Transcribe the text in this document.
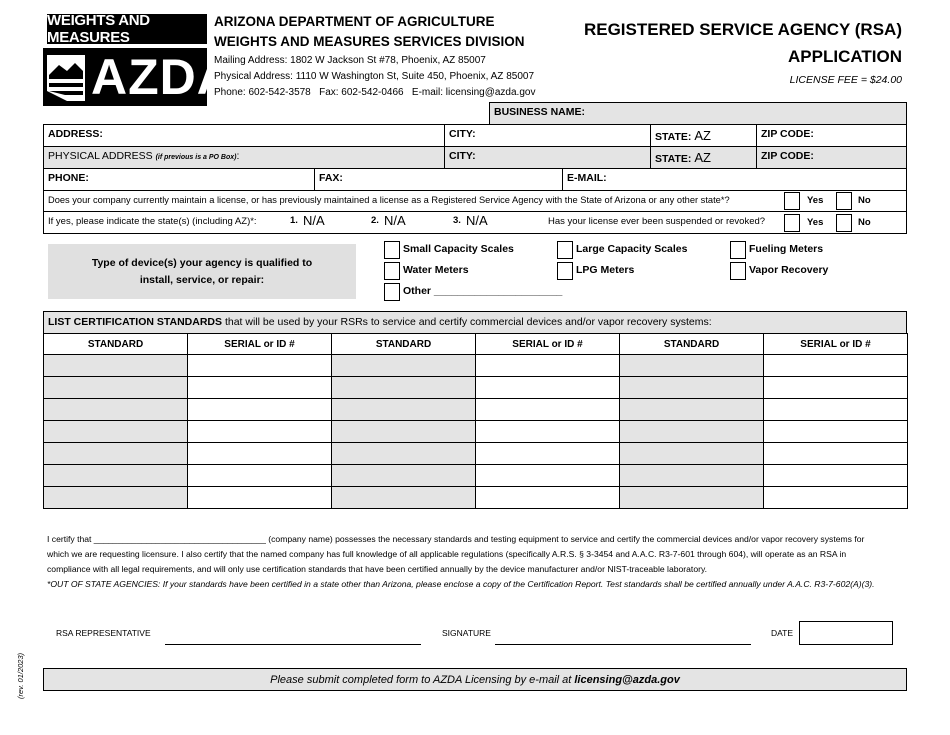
WEIGHTS AND MEASURES
AZDA
ARIZONA DEPARTMENT OF AGRICULTURE
WEIGHTS AND MEASURES SERVICES DIVISION
Mailing Address: 1802 W Jackson St #78, Phoenix, AZ 85007
Physical Address: 1110 W Washington St, Suite 450, Phoenix, AZ 85007
Phone: 602-542-3578   Fax: 602-542-0466   E-mail: licensing@azda.gov
REGISTERED SERVICE AGENCY (RSA)
APPLICATION
LICENSE FEE = $24.00
BUSINESS NAME:
ADDRESS:	CITY:	STATE: AZ	ZIP CODE:
PHYSICAL ADDRESS (if previous is a PO Box):	CITY:	STATE: AZ	ZIP CODE:
PHONE:	FAX:	E-MAIL:
Does your company currently maintain a license, or has previously maintained a license as a Registered Service Agency with the State of Arizona or any other state*?	Yes	No
If yes, please indicate the state(s) (including AZ)*:	1. N/A	2. N/A	3. N/A	Has your license ever been suspended or revoked?	Yes	No
Type of device(s) your agency is qualified to install, service, or repair:
Small Capacity Scales	Large Capacity Scales	Fueling Meters
Water Meters	LPG Meters	Vapor Recovery
Other ______________________
LIST CERTIFICATION STANDARDS that will be used by your RSRs to service and certify commercial devices and/or vapor recovery systems:
STANDARD	SERIAL or ID #	STANDARD	SERIAL or ID #	STANDARD	SERIAL or ID #
I certify that ____________________________________ (company name) possesses the necessary standards and testing equipment to service and certify the commercial devices and/or vapor recovery systems for
which we are requesting licensure. I also certify that the named company has full knowledge of all applicable regulations (specifically A.R.S. § 3-3454 and A.A.C. R3-7-601 through 604), will operate as an RSA in
compliance with all legal requirements, and will only use certification standards that have been certified annually by the device manufacturer and/or NIST-traceable laboratory.
*OUT OF STATE AGENCIES: If your standards have been certified in a state other than Arizona, please enclose a copy of the Certification Report. Test standards shall be certified annually under A.A.C. R3-7-602(A)(3).
RSA REPRESENTATIVE	SIGNATURE	DATE
Please submit completed form to AZDA Licensing by e-mail at licensing@azda.gov
(rev. 01/2023)
